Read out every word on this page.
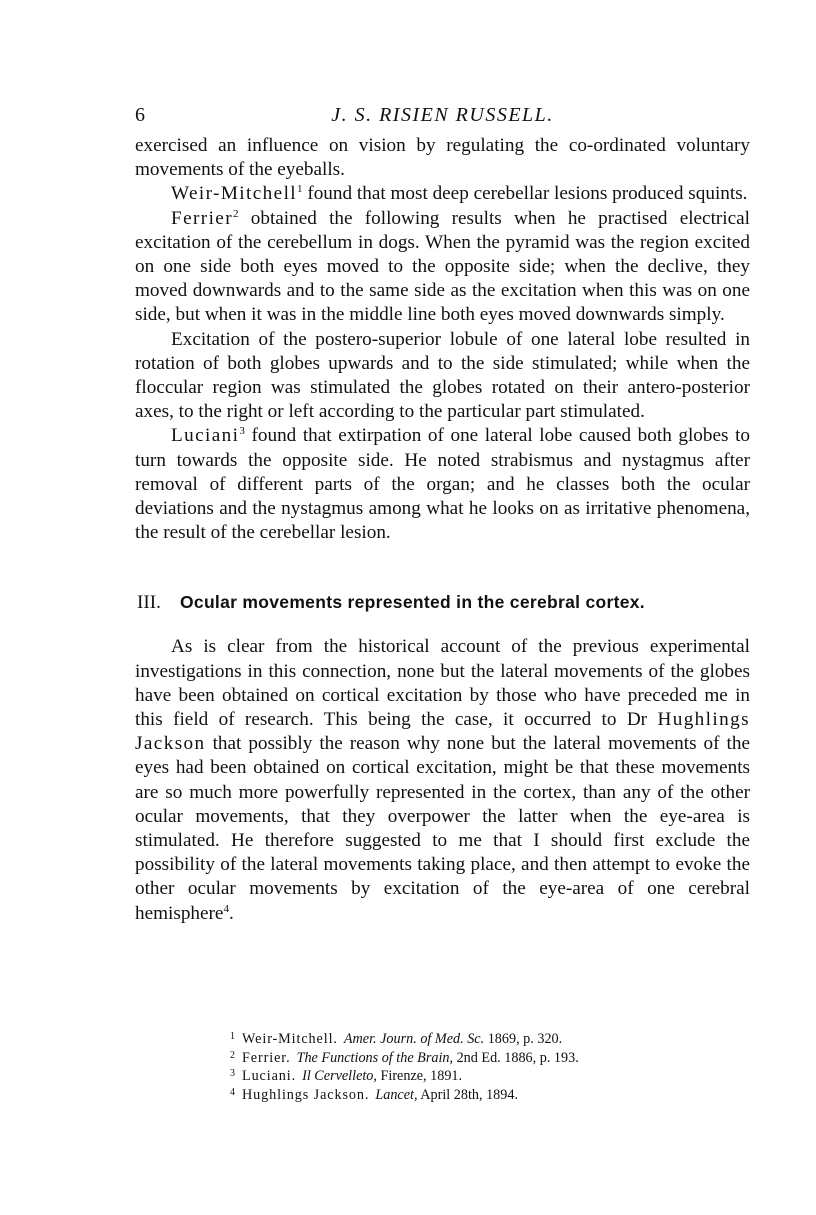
6	J. S. RISIEN RUSSELL.

exercised an influence on vision by regulating the co-ordinated voluntary movements of the eyeballs.

Weir-Mitchell$^1$ found that most deep cerebellar lesions produced squints.

Ferrier$^2$ obtained the following results when he practised electrical excitation of the cerebellum in dogs. When the pyramid was the region excited on one side both eyes moved to the opposite side; when the declive, they moved downwards and to the same side as the excitation when this was on one side, but when it was in the middle line both eyes moved downwards simply.

Excitation of the postero-superior lobule of one lateral lobe resulted in rotation of both globes upwards and to the side stimulated; while when the floccular region was stimulated the globes rotated on their antero-posterior axes, to the right or left according to the particular part stimulated.

Luciani$^3$ found that extirpation of one lateral lobe caused both globes to turn towards the opposite side. He noted strabismus and nystagmus after removal of different parts of the organ; and he classes both the ocular deviations and the nystagmus among what he looks on as irritative phenomena, the result of the cerebellar lesion.

III. Ocular movements represented in the cerebral cortex.

As is clear from the historical account of the previous experimental investigations in this connection, none but the lateral movements of the globes have been obtained on cortical excitation by those who have preceded me in this field of research. This being the case, it occurred to Dr Hughlings Jackson that possibly the reason why none but the lateral movements of the eyes had been obtained on cortical excitation, might be that these movements are so much more powerfully represented in the cortex, than any of the other ocular movements, that they overpower the latter when the eye-area is stimulated. He therefore suggested to me that I should first exclude the possibility of the lateral movements taking place, and then attempt to evoke the other ocular movements by excitation of the eye-area of one cerebral hemisphere$^4$.

1 Weir-Mitchell. Amer. Journ. of Med. Sc. 1869, p. 320.
2 Ferrier. The Functions of the Brain, 2nd Ed. 1886, p. 193.
3 Luciani. Il Cervelleto, Firenze, 1891.
4 Hughlings Jackson. Lancet, April 28th, 1894.
